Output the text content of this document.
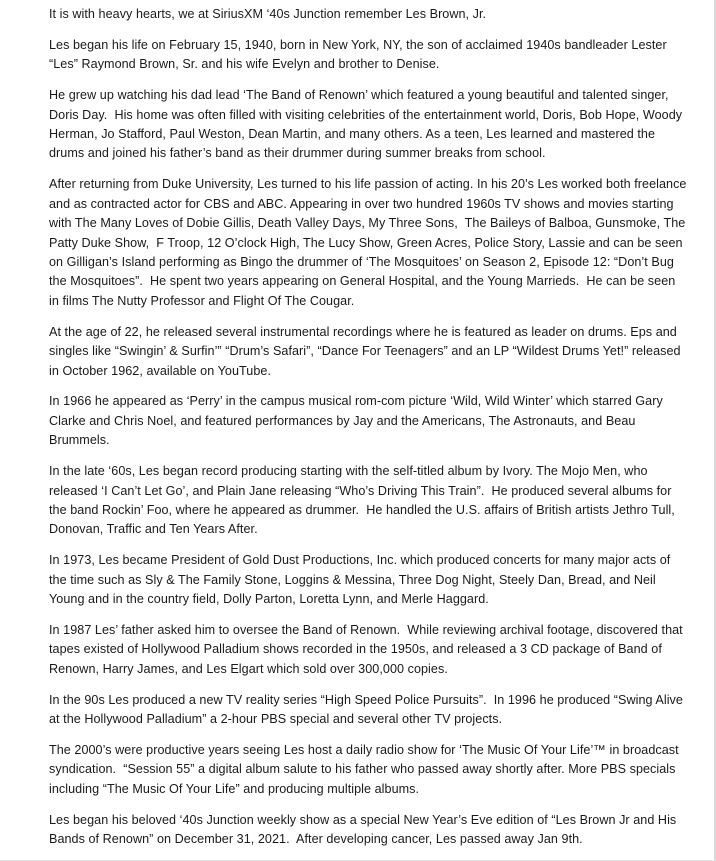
It is with heavy hearts, we at SiriusXM ‘40s Junction remember Les Brown, Jr.

Les began his life on February 15, 1940, born in New York, NY, the son of acclaimed 1940s bandleader Lester “Les” Raymond Brown, Sr. and his wife Evelyn and brother to Denise.

He grew up watching his dad lead ‘The Band of Renown’ which featured a young beautiful and talented singer, Doris Day.  His home was often filled with visiting celebrities of the entertainment world, Doris, Bob Hope, Woody Herman, Jo Stafford, Paul Weston, Dean Martin, and many others. As a teen, Les learned and mastered the drums and joined his father’s band as their drummer during summer breaks from school.

After returning from Duke University, Les turned to his life passion of acting. In his 20’s Les worked both freelance and as contracted actor for CBS and ABC. Appearing in over two hundred 1960s TV shows and movies starting with The Many Loves of Dobie Gillis, Death Valley Days, My Three Sons,  The Baileys of Balboa, Gunsmoke, The Patty Duke Show,  F Troop, 12 O’clock High, The Lucy Show, Green Acres, Police Story, Lassie and can be seen on Gilligan’s Island performing as Bingo the drummer of ‘The Mosquitoes’ on Season 2, Episode 12: “Don’t Bug the Mosquitoes”.  He spent two years appearing on General Hospital, and the Young Marrieds.  He can be seen in films The Nutty Professor and Flight Of The Cougar.

At the age of 22, he released several instrumental recordings where he is featured as leader on drums. Eps and singles like “Swingin’ & Surfin’” “Drum’s Safari”, “Dance For Teenagers” and an LP “Wildest Drums Yet!” released in October 1962, available on YouTube.

In 1966 he appeared as ‘Perry’ in the campus musical rom-com picture ‘Wild, Wild Winter’ which starred Gary Clarke and Chris Noel, and featured performances by Jay and the Americans, The Astronauts, and Beau Brummels.

In the late ‘60s, Les began record producing starting with the self-titled album by Ivory. The Mojo Men, who released ‘I Can’t Let Go’, and Plain Jane releasing “Who’s Driving This Train”.  He produced several albums for the band Rockin’ Foo, where he appeared as drummer.  He handled the U.S. affairs of British artists Jethro Tull, Donovan, Traffic and Ten Years After.

In 1973, Les became President of Gold Dust Productions, Inc. which produced concerts for many major acts of the time such as Sly & The Family Stone, Loggins & Messina, Three Dog Night, Steely Dan, Bread, and Neil Young and in the country field, Dolly Parton, Loretta Lynn, and Merle Haggard.

In 1987 Les’ father asked him to oversee the Band of Renown.  While reviewing archival footage, discovered that tapes existed of Hollywood Palladium shows recorded in the 1950s, and released a 3 CD package of Band of Renown, Harry James, and Les Elgart which sold over 300,000 copies.

In the 90s Les produced a new TV reality series “High Speed Police Pursuits”.  In 1996 he produced “Swing Alive at the Hollywood Palladium” a 2-hour PBS special and several other TV projects.

The 2000’s were productive years seeing Les host a daily radio show for ‘The Music Of Your Life’™ in broadcast syndication.  “Session 55” a digital album salute to his father who passed away shortly after. More PBS specials including “The Music Of Your Life” and producing multiple albums.

Les began his beloved ‘40s Junction weekly show as a special New Year’s Eve edition of “Les Brown Jr and His Bands of Renown” on December 31, 2021.  After developing cancer, Les passed away Jan 9th.
